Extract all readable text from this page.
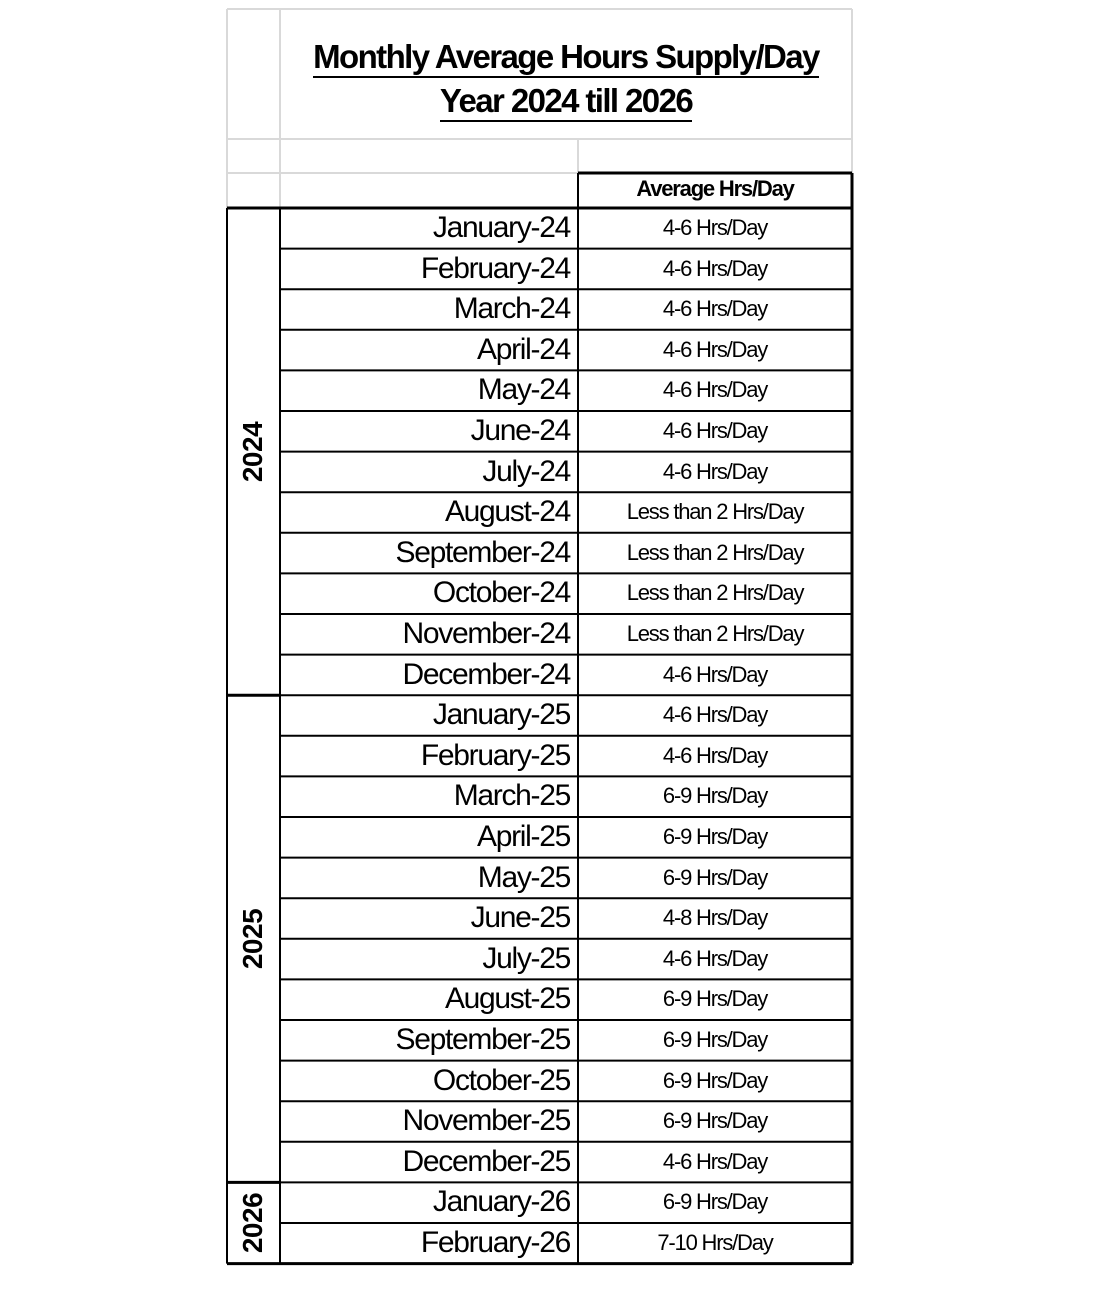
Monthly Average Hours Supply/Day
Year 2024 till 2026
Average Hrs/Day
January-24	4-6 Hrs/Day
February-24	4-6 Hrs/Day
March-24	4-6 Hrs/Day
April-24	4-6 Hrs/Day
May-24	4-6 Hrs/Day
June-24	4-6 Hrs/Day
July-24	4-6 Hrs/Day
August-24	Less than 2 Hrs/Day
September-24	Less than 2 Hrs/Day
October-24	Less than 2 Hrs/Day
November-24	Less than 2 Hrs/Day
December-24	4-6 Hrs/Day
January-25	4-6 Hrs/Day
February-25	4-6 Hrs/Day
March-25	6-9 Hrs/Day
April-25	6-9 Hrs/Day
May-25	6-9 Hrs/Day
June-25	4-8 Hrs/Day
July-25	4-6 Hrs/Day
August-25	6-9 Hrs/Day
September-25	6-9 Hrs/Day
October-25	6-9 Hrs/Day
November-25	6-9 Hrs/Day
December-25	4-6 Hrs/Day
January-26	6-9 Hrs/Day
February-26	7-10 Hrs/Day
2024
2025
2026
